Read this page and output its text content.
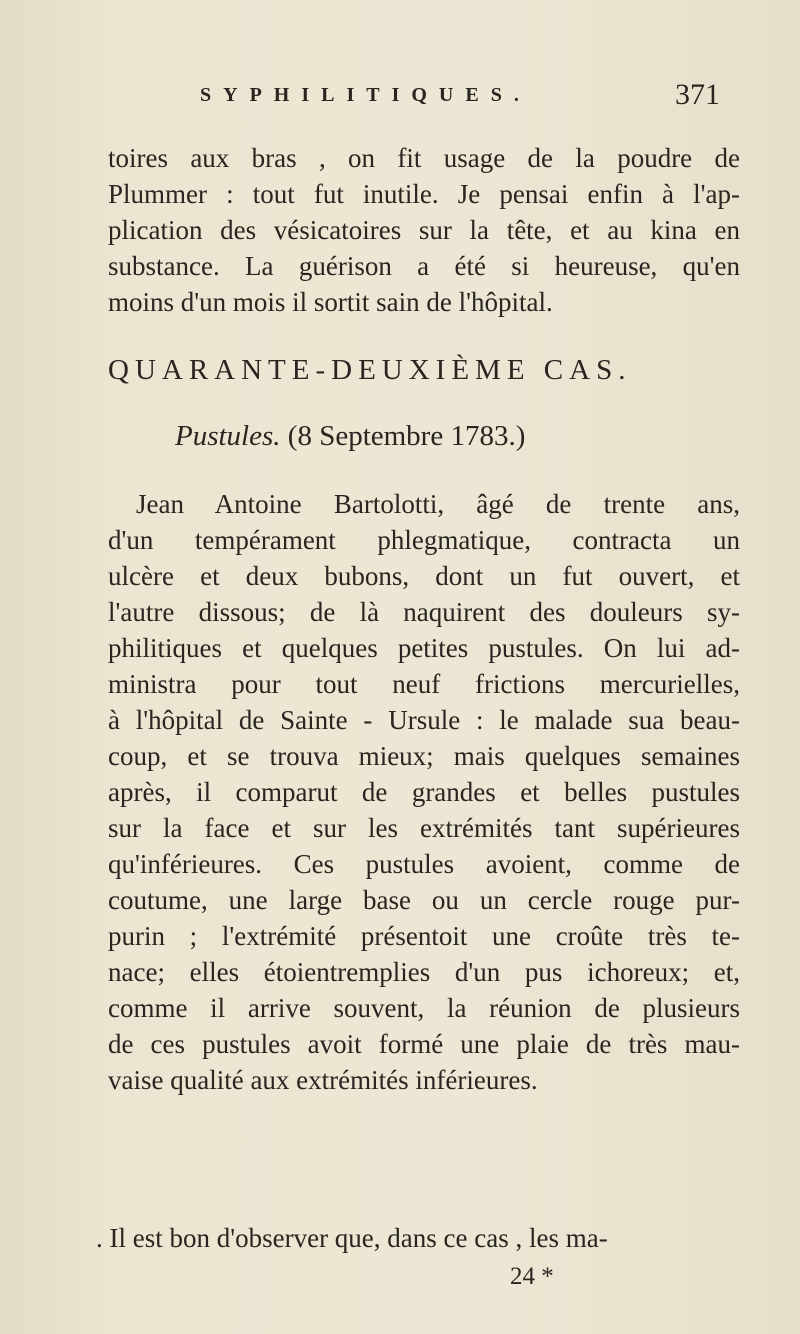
SYPHILITIQUES.	371
toires aux bras , on fit usage de la poudre de
Plummer : tout fut inutile. Je pensai enfin à l'ap-
plication des vésicatoires sur la tête, et au kina en
substance. La guérison a été si heureuse, qu'en
moins d'un mois il sortit sain de l'hôpital.
QUARANTE-DEUXIÈME CAS.
Pustules. (8 Septembre 1783.)
Jean Antoine Bartolotti, âgé de trente ans,
d'un tempérament phlegmatique, contracta un
ulcère et deux bubons, dont un fut ouvert, et
l'autre dissous; de là naquirent des douleurs sy-
philitiques et quelques petites pustules. On lui ad-
ministra pour tout neuf frictions mercurielles,
à l'hôpital de Sainte - Ursule : le malade sua beau-
coup, et se trouva mieux; mais quelques semaines
après, il comparut de grandes et belles pustules
sur la face et sur les extrémités tant supérieures
qu'inférieures. Ces pustules avoient, comme de
coutume, une large base ou un cercle rouge pur-
purin ; l'extrémité présentoit une croûte très te-
nace; elles étoientremplies d'un pus ichoreux; et,
comme il arrive souvent, la réunion de plusieurs
de ces pustules avoit formé une plaie de très mau-
vaise qualité aux extrémités inférieures.
. Il est bon d'observer que, dans ce cas , les ma-
24 *
